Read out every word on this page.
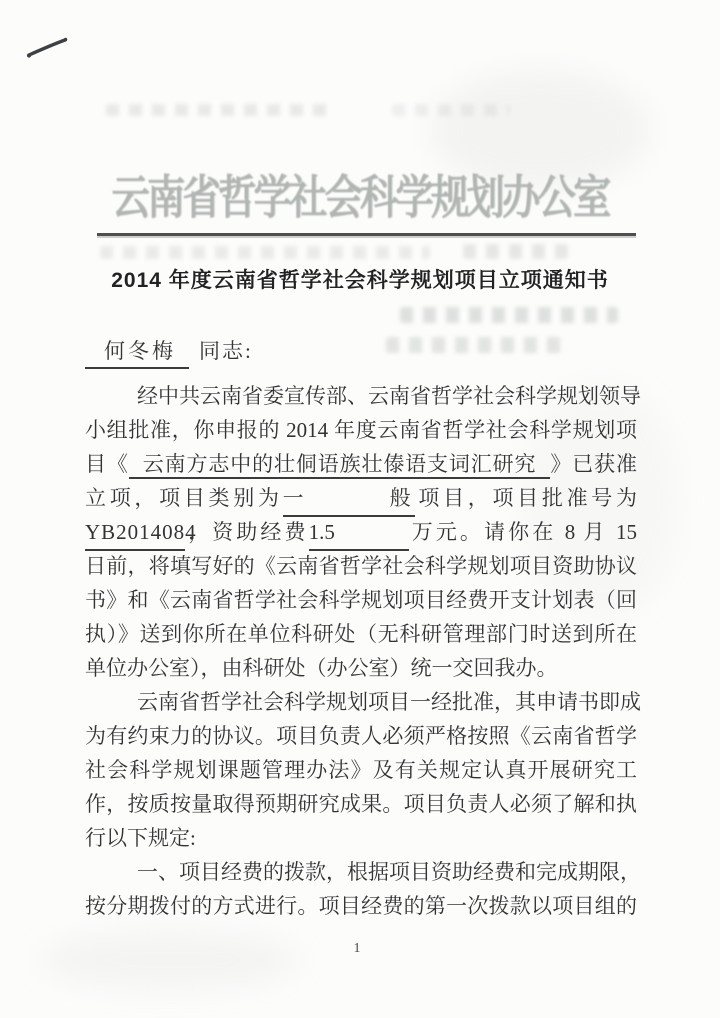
云南省哲学社会科学规划办公室
2014 年度云南省哲学社会科学规划项目立项通知书
何冬梅 同志:
经中共云南省委宣传部、云南省哲学社会科学规划领导
小组批准，你申报的 2014 年度云南省哲学社会科学规划项
目《 云南方志中的壮侗语族壮傣语支词汇研究 》已获准
立项，项目类别为一般项目，项目批准号为
YB2014084，资助经费1.5	万元。请你在 8 月 15
日前，将填写好的《云南省哲学社会科学规划项目资助协议
书》和《云南省哲学社会科学规划项目经费开支计划表（回
执）》送到你所在单位科研处（无科研管理部门时送到所在
单位办公室），由科研处（办公室）统一交回我办。
云南省哲学社会科学规划项目一经批准，其申请书即成
为有约束力的协议。项目负责人必须严格按照《云南省哲学
社会科学规划课题管理办法》及有关规定认真开展研究工
作，按质按量取得预期研究成果。项目负责人必须了解和执
行以下规定:
一、项目经费的拨款，根据项目资助经费和完成期限，
按分期拨付的方式进行。项目经费的第一次拨款以项目组的
1
